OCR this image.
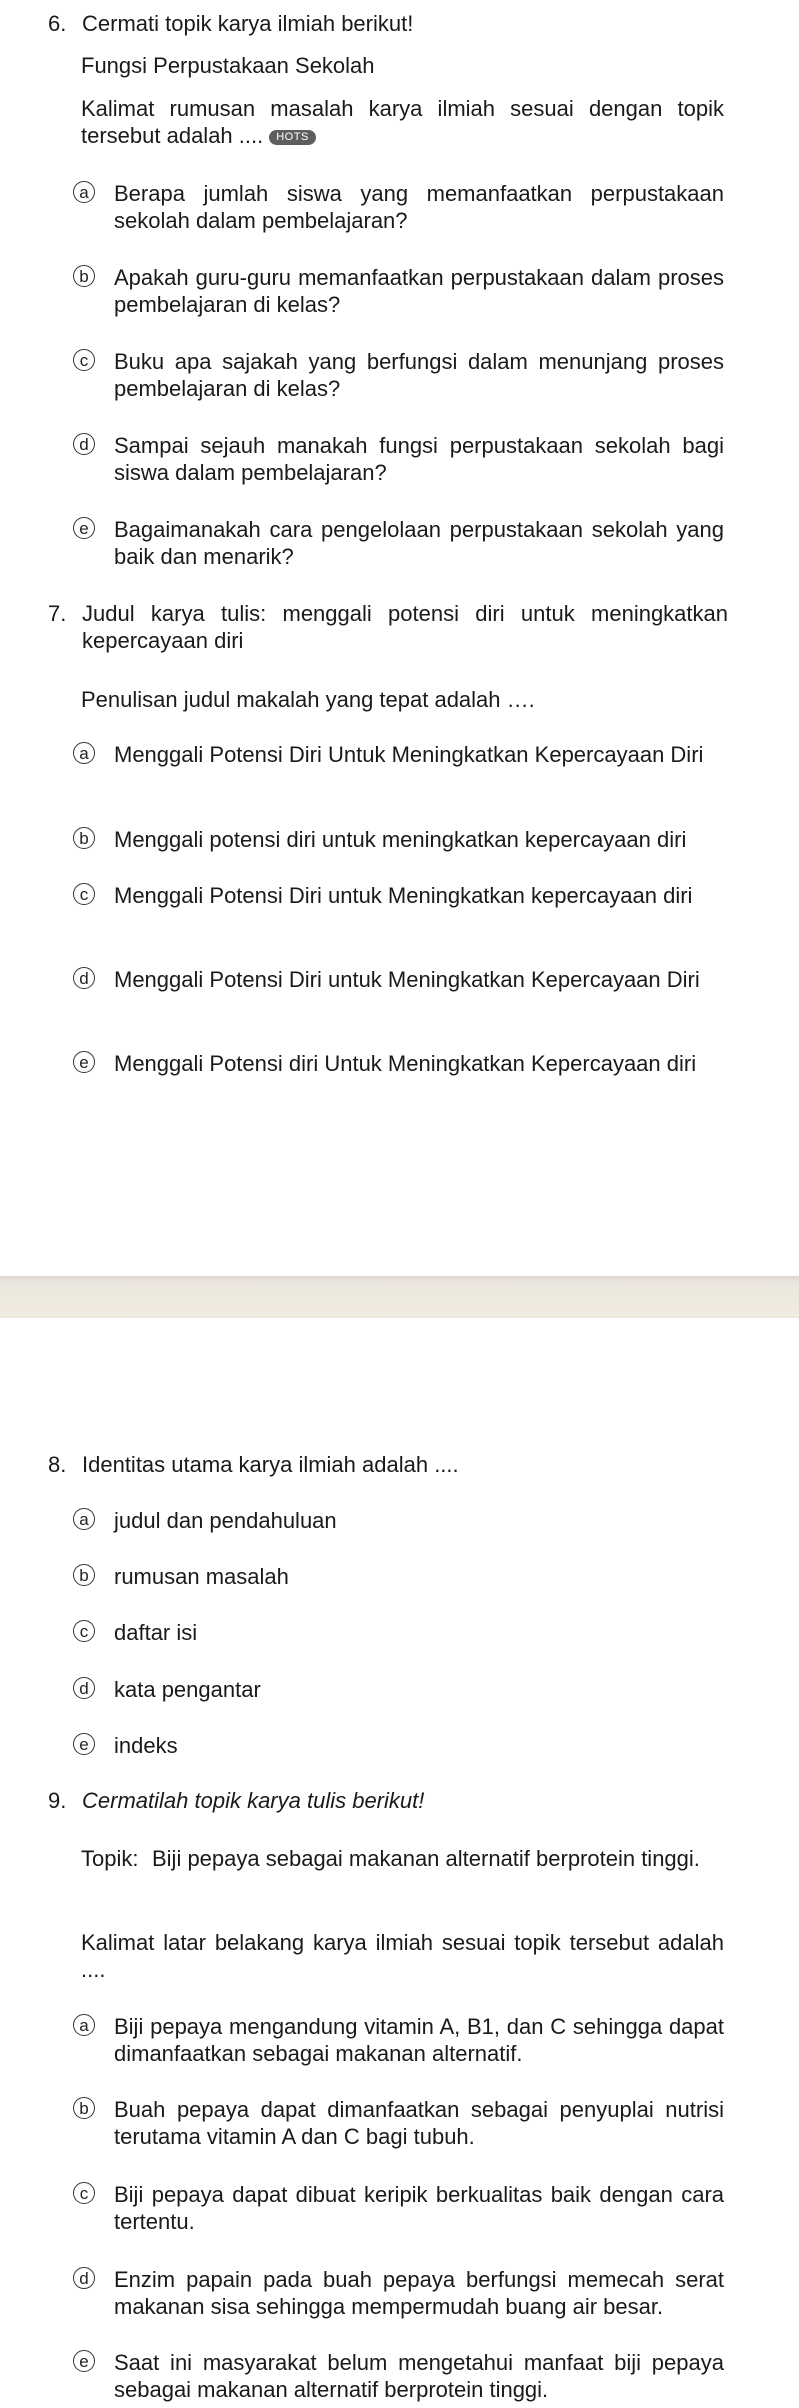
6. Cermati topik karya ilmiah berikut!
Fungsi Perpustakaan Sekolah
Kalimat rumusan masalah karya ilmiah sesuai dengan topik tersebut adalah .... HOTS
a	Berapa jumlah siswa yang memanfaatkan perpustakaan sekolah dalam pembelajaran?
b	Apakah guru-guru memanfaatkan perpustakaan dalam proses pembelajaran di kelas?
c	Buku apa sajakah yang berfungsi dalam menunjang proses pembelajaran di kelas?
d	Sampai sejauh manakah fungsi perpustakaan sekolah bagi siswa dalam pembelajaran?
e	Bagaimanakah cara pengelolaan perpustakaan sekolah yang baik dan menarik?
7. Judul karya tulis: menggali potensi diri untuk meningkatkan kepercayaan diri
Penulisan judul makalah yang tepat adalah ….
a	Menggali Potensi Diri Untuk Meningkatkan Kepercayaan Diri
b	Menggali potensi diri untuk meningkatkan kepercayaan diri
c	Menggali Potensi Diri untuk Meningkatkan kepercayaan diri
d	Menggali Potensi Diri untuk Meningkatkan Kepercayaan Diri
e	Menggali Potensi diri Untuk Meningkatkan Kepercayaan diri
8. Identitas utama karya ilmiah adalah ....
a	judul dan pendahuluan
b	rumusan masalah
c	daftar isi
d	kata pengantar
e	indeks
9. Cermatilah topik karya tulis berikut!
Topik: Biji pepaya sebagai makanan alternatif berprotein tinggi.
Kalimat latar belakang karya ilmiah sesuai topik tersebut adalah ....
a	Biji pepaya mengandung vitamin A, B1, dan C sehingga dapat dimanfaatkan sebagai makanan alternatif.
b	Buah pepaya dapat dimanfaatkan sebagai penyuplai nutrisi terutama vitamin A dan C bagi tubuh.
c	Biji pepaya dapat dibuat keripik berkualitas baik dengan cara tertentu.
d	Enzim papain pada buah pepaya berfungsi memecah serat makanan sisa sehingga mempermudah buang air besar.
e	Saat ini masyarakat belum mengetahui manfaat biji pepaya sebagai makanan alternatif berprotein tinggi.
